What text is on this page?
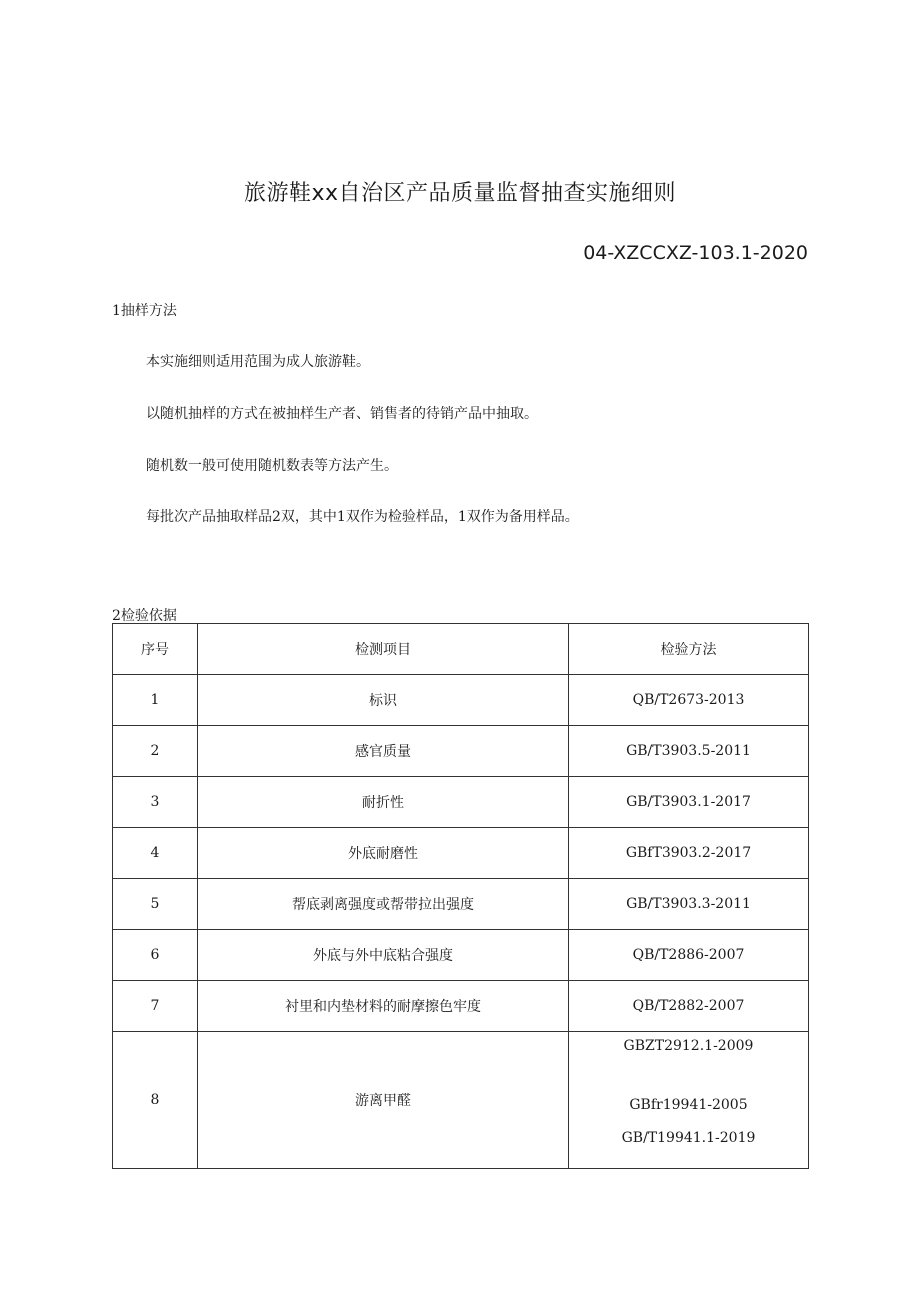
旅游鞋xx自治区产品质量监督抽查实施细则
04-XZCCXZ-103.1-2020
1抽样方法
本实施细则适用范围为成人旅游鞋。
以随机抽样的方式在被抽样生产者、销售者的待销产品中抽取。
随机数一般可使用随机数表等方法产生。
每批次产品抽取样品2双，其中1双作为检验样品，1双作为备用样品。
2检验依据
序号	检测项目	检验方法
1	标识	QB/T2673-2013
2	感官质量	GB/T3903.5-2011
3	耐折性	GB/T3903.1-2017
4	外底耐磨性	GBfT3903.2-2017
5	帮底剥离强度或帮带拉出强度	GB/T3903.3-2011
6	外底与外中底粘合强度	QB/T2886-2007
7	衬里和内垫材料的耐摩擦色牢度	QB/T2882-2007
8	游离甲醛	GBZT2912.1-2009
GBfr19941-2005
GB/T19941.1-2019
